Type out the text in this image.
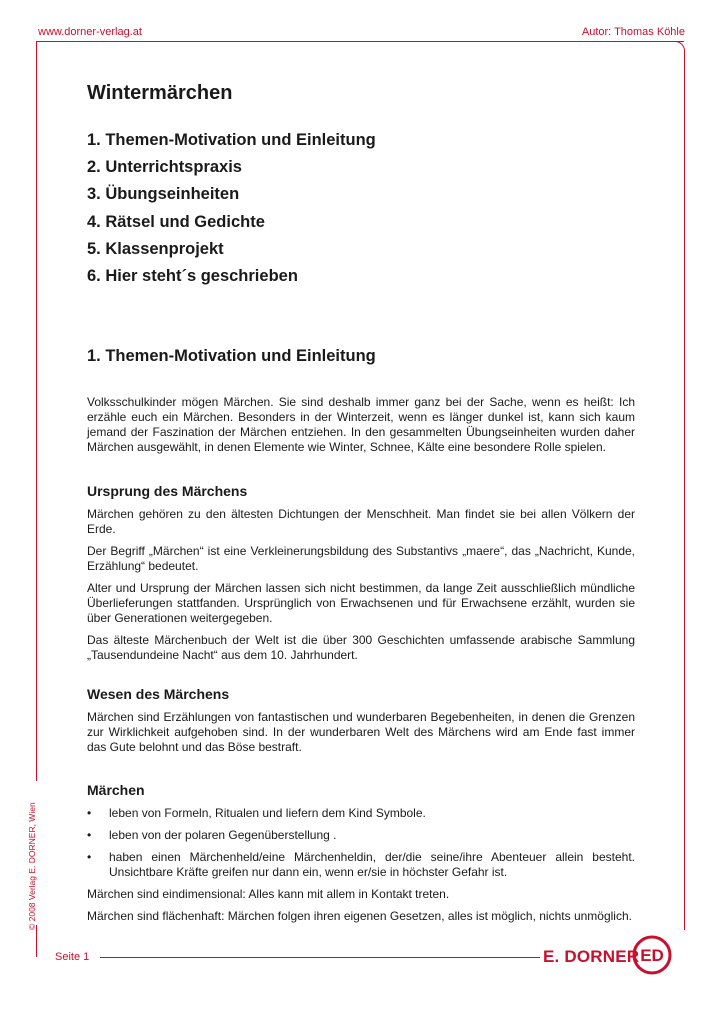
www.dorner-verlag.at	Autor: Thomas Köhle
© 2008 Verlag E. DORNER, Wien
Wintermärchen
1. Themen-Motivation und Einleitung
2. Unterrichtspraxis
3. Übungseinheiten
4. Rätsel und Gedichte
5. Klassenprojekt
6. Hier steht´s geschrieben
1. Themen-Motivation und Einleitung

Volksschulkinder mögen Märchen. Sie sind deshalb immer ganz bei der Sache, wenn es heißt: Ich erzähle euch ein Märchen. Besonders in der Winterzeit, wenn es länger dunkel ist, kann sich kaum jemand der Faszination der Märchen entziehen. In den gesammelten Übungseinheiten wurden daher Märchen ausgewählt, in denen Elemente wie Winter, Schnee, Kälte eine besondere Rolle spielen.

Ursprung des Märchens

Märchen gehören zu den ältesten Dichtungen der Menschheit. Man findet sie bei allen Völkern der Erde.

Der Begriff „Märchen“ ist eine Verkleinerungsbildung des Substantivs „maere“, das „Nachricht, Kunde, Erzählung“ bedeutet.

Alter und Ursprung der Märchen lassen sich nicht bestimmen, da lange Zeit ausschließlich mündliche Überlieferungen stattfanden. Ursprünglich von Erwachsenen und für Erwachsene erzählt, wurden sie über Generationen weitergegeben.

Das älteste Märchenbuch der Welt ist die über 300 Geschichten umfassende arabische Sammlung „Tausendundeine Nacht“ aus dem 10. Jahrhundert.

Wesen des Märchens

Märchen sind Erzählungen von fantastischen und wunderbaren Begebenheiten, in denen die Grenzen zur Wirklichkeit aufgehoben sind. In der wunderbaren Welt des Märchens wird am Ende fast immer das Gute belohnt und das Böse bestraft.

Märchen
• leben von Formeln, Ritualen und liefern dem Kind Symbole.
• leben von der polaren Gegenüberstellung .
• haben einen Märchenheld/eine Märchenheldin, der/die seine/ihre Abenteuer allein besteht. Unsichtbare Kräfte greifen nur dann ein, wenn er/sie in höchster Gefahr ist.

Märchen sind eindimensional: Alles kann mit allem in Kontakt treten.

Märchen sind flächenhaft: Märchen folgen ihren eigenen Gesetzen, alles ist möglich, nichts unmöglich.

Seite 1	E. DORNER ED
